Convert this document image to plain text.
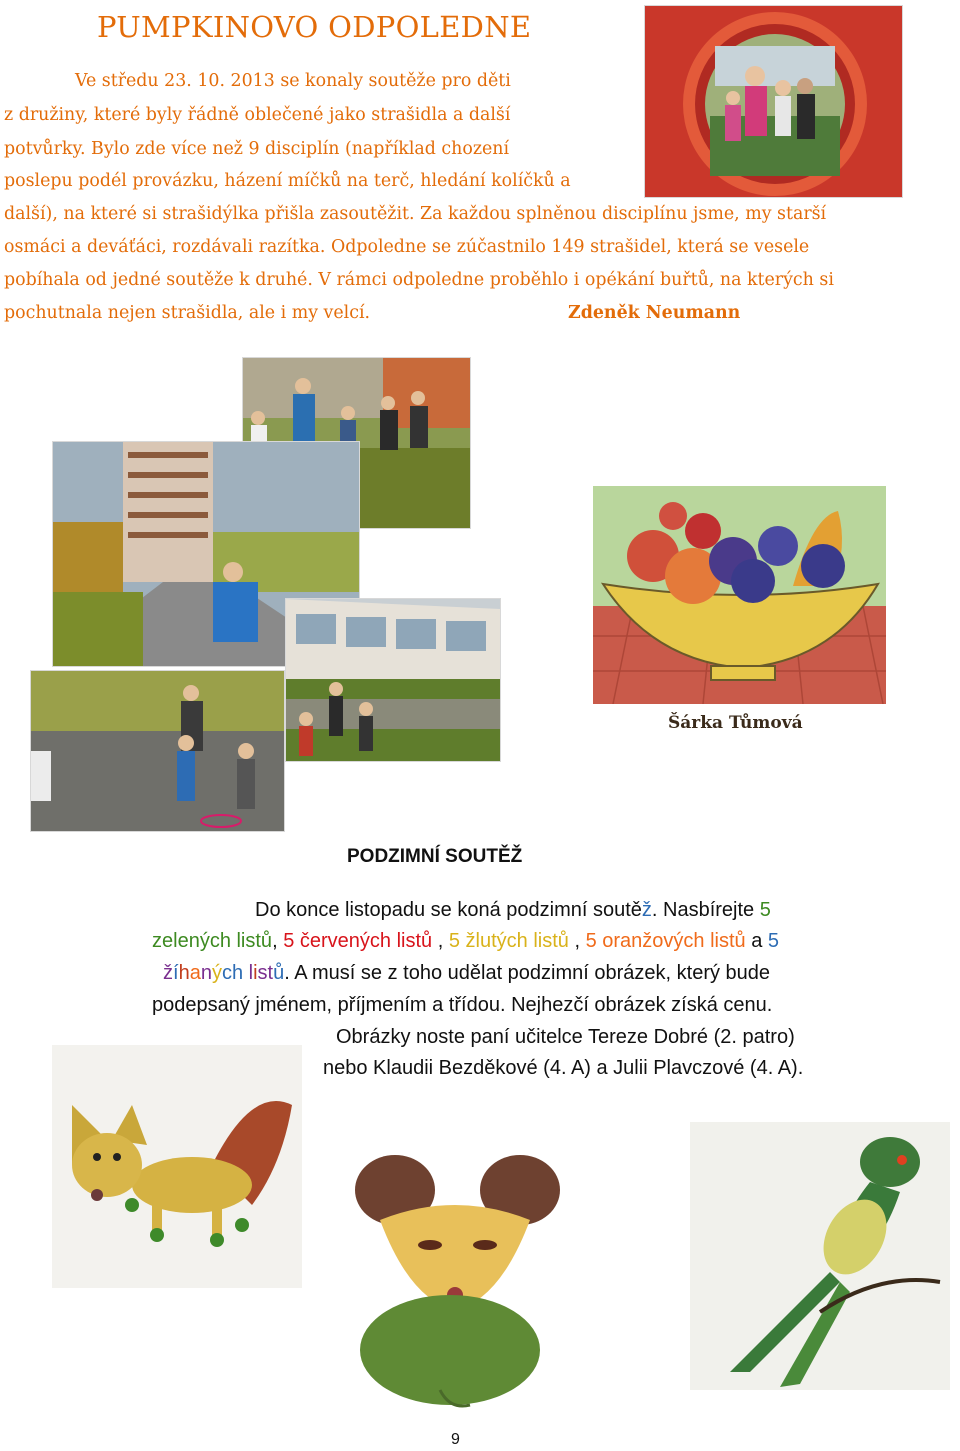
PUMPKINOVO ODPOLEDNE
Ve středu 23. 10. 2013 se konaly soutěže pro děti
z družiny, které byly řádně oblečené jako strašidla a další
potvůrky. Bylo zde více než 9 disciplín (například chození
poslepu podél provázku, házení míčků na terč, hledání kolíčků a
další), na které si strašidýlka přišla zasoutěžit. Za každou splněnou disciplínu jsme, my starší
osmáci a deváťáci, rozdávali razítka. Odpoledne se zúčastnilo 149 strašidel, která se vesele
pobíhala od jedné soutěže k druhé. V rámci odpoledne proběhlo i opékání buřtů, na kterých si
pochutnala nejen strašidla, ale i my velcí.	Zdeněk Neumann
Šárka Tůmová
PODZIMNÍ SOUTĚŽ
Do konce listopadu se koná podzimní soutěž. Nasbírejte 5
zelených listů, 5 červených listů , 5 žlutých listů , 5 oranžových listů a 5
žíhaných listů. A musí se z toho udělat podzimní obrázek, který bude
podepsaný jménem, příjmením a třídou. Nejhezčí obrázek získá cenu.
Obrázky noste paní učitelce Tereze Dobré (2. patro)
nebo Klaudii Bezděkové (4. A) a Julii Plavczové (4. A).
9
